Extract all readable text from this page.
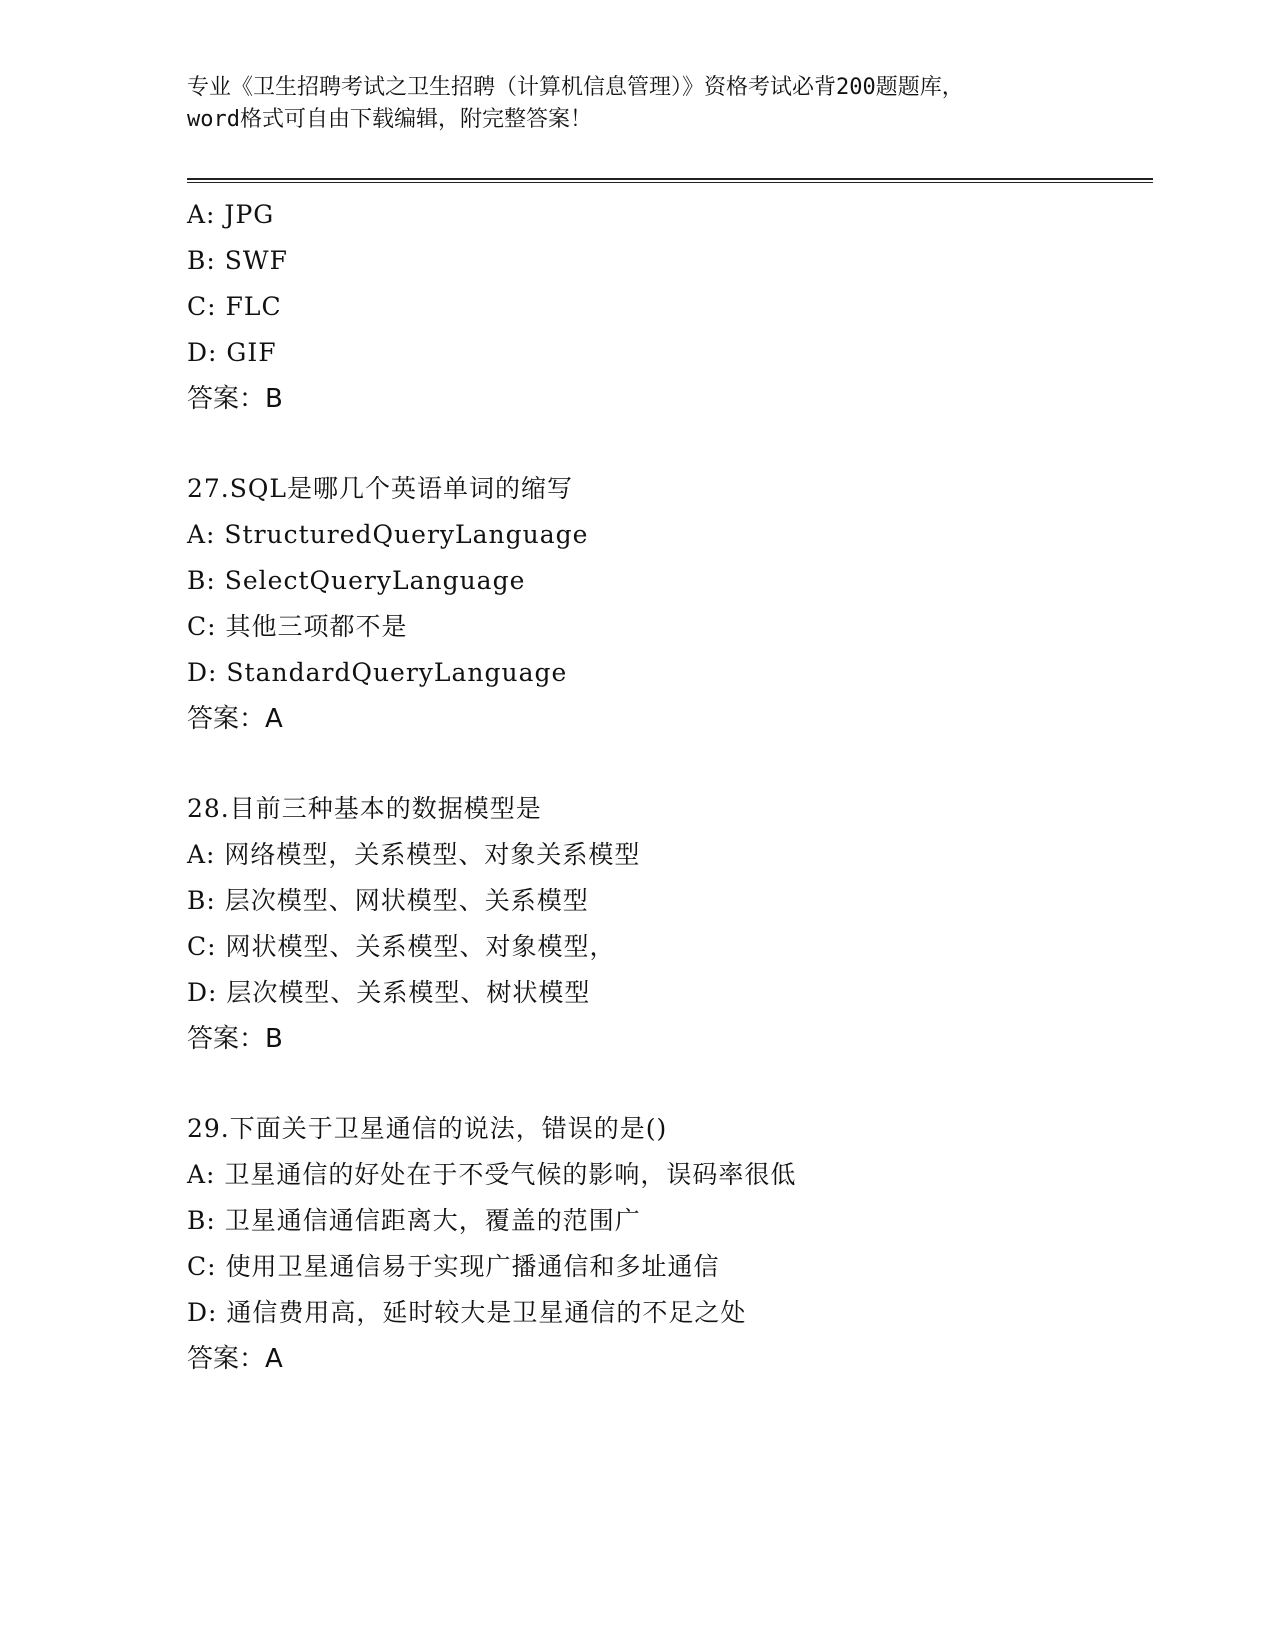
专业《卫生招聘考试之卫生招聘（计算机信息管理）》资格考试必背200题题库，
word格式可自由下载编辑，附完整答案！
A: JPG
B: SWF
C: FLC
D: GIF
答案：B
27.SQL是哪几个英语单词的缩写
A: StructuredQueryLanguage
B: SelectQueryLanguage
C: 其他三项都不是
D: StandardQueryLanguage
答案：A
28.目前三种基本的数据模型是
A: 网络模型，关系模型、对象关系模型
B: 层次模型、网状模型、关系模型
C: 网状模型、关系模型、对象模型，
D: 层次模型、关系模型、树状模型
答案：B
29.下面关于卫星通信的说法，错误的是()
A: 卫星通信的好处在于不受气候的影响，误码率很低
B: 卫星通信通信距离大，覆盖的范围广
C: 使用卫星通信易于实现广播通信和多址通信
D: 通信费用高，延时较大是卫星通信的不足之处
答案：A
